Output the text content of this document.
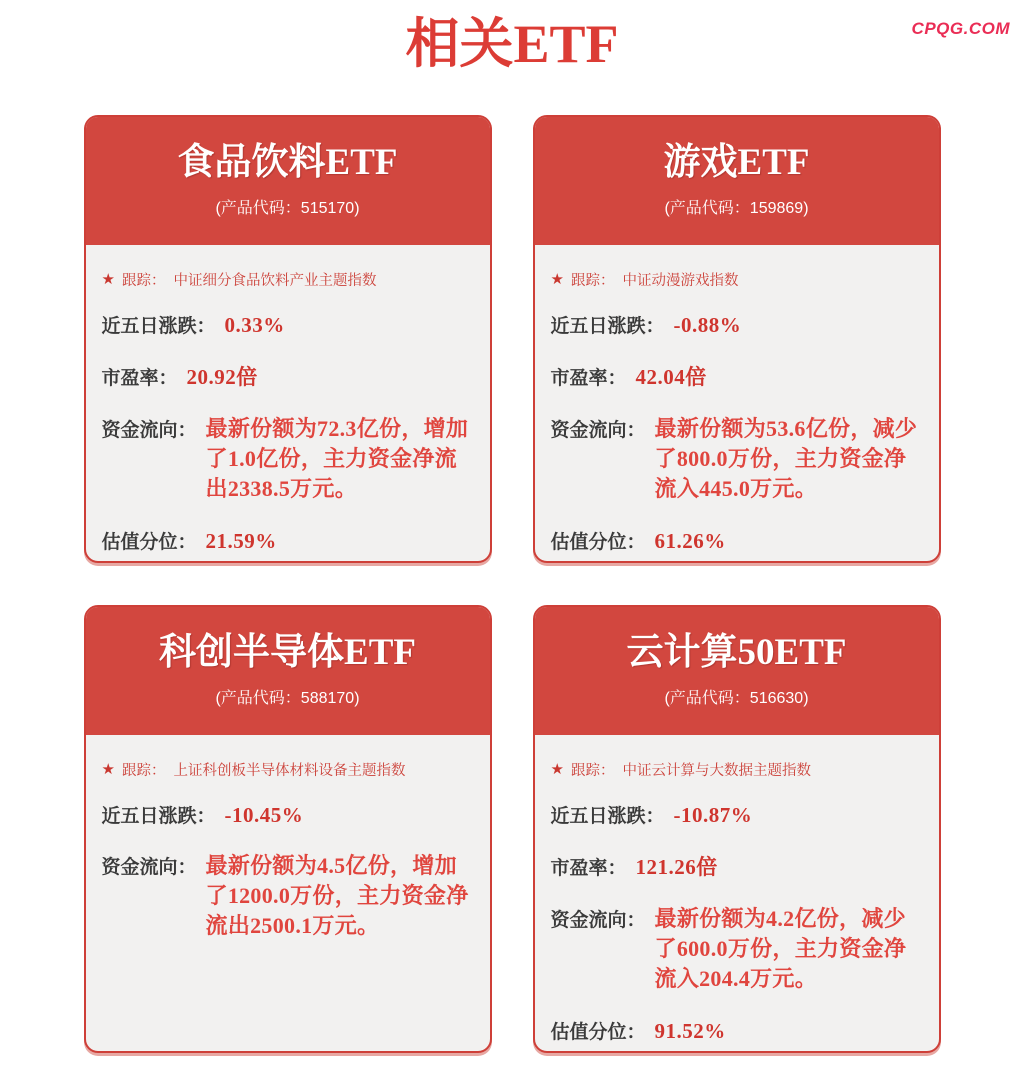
CPQG.COM
相关ETF
食品饮料ETF
(产品代码：515170)
★ 跟踪： 中证细分食品饮料产业主题指数
近五日涨跌： 0.33%
市盈率： 20.92倍
资金流向： 最新份额为72.3亿份，增加了1.0亿份，主力资金净流出2338.5万元。
估值分位： 21.59%
游戏ETF
(产品代码：159869)
★ 跟踪： 中证动漫游戏指数
近五日涨跌： -0.88%
市盈率： 42.04倍
资金流向： 最新份额为53.6亿份，减少了800.0万份，主力资金净流入445.0万元。
估值分位： 61.26%
科创半导体ETF
(产品代码：588170)
★ 跟踪： 上证科创板半导体材料设备主题指数
近五日涨跌： -10.45%
资金流向： 最新份额为4.5亿份，增加了1200.0万份，主力资金净流出2500.1万元。
云计算50ETF
(产品代码：516630)
★ 跟踪： 中证云计算与大数据主题指数
近五日涨跌： -10.87%
市盈率： 121.26倍
资金流向： 最新份额为4.2亿份，减少了600.0万份，主力资金净流入204.4万元。
估值分位： 91.52%
